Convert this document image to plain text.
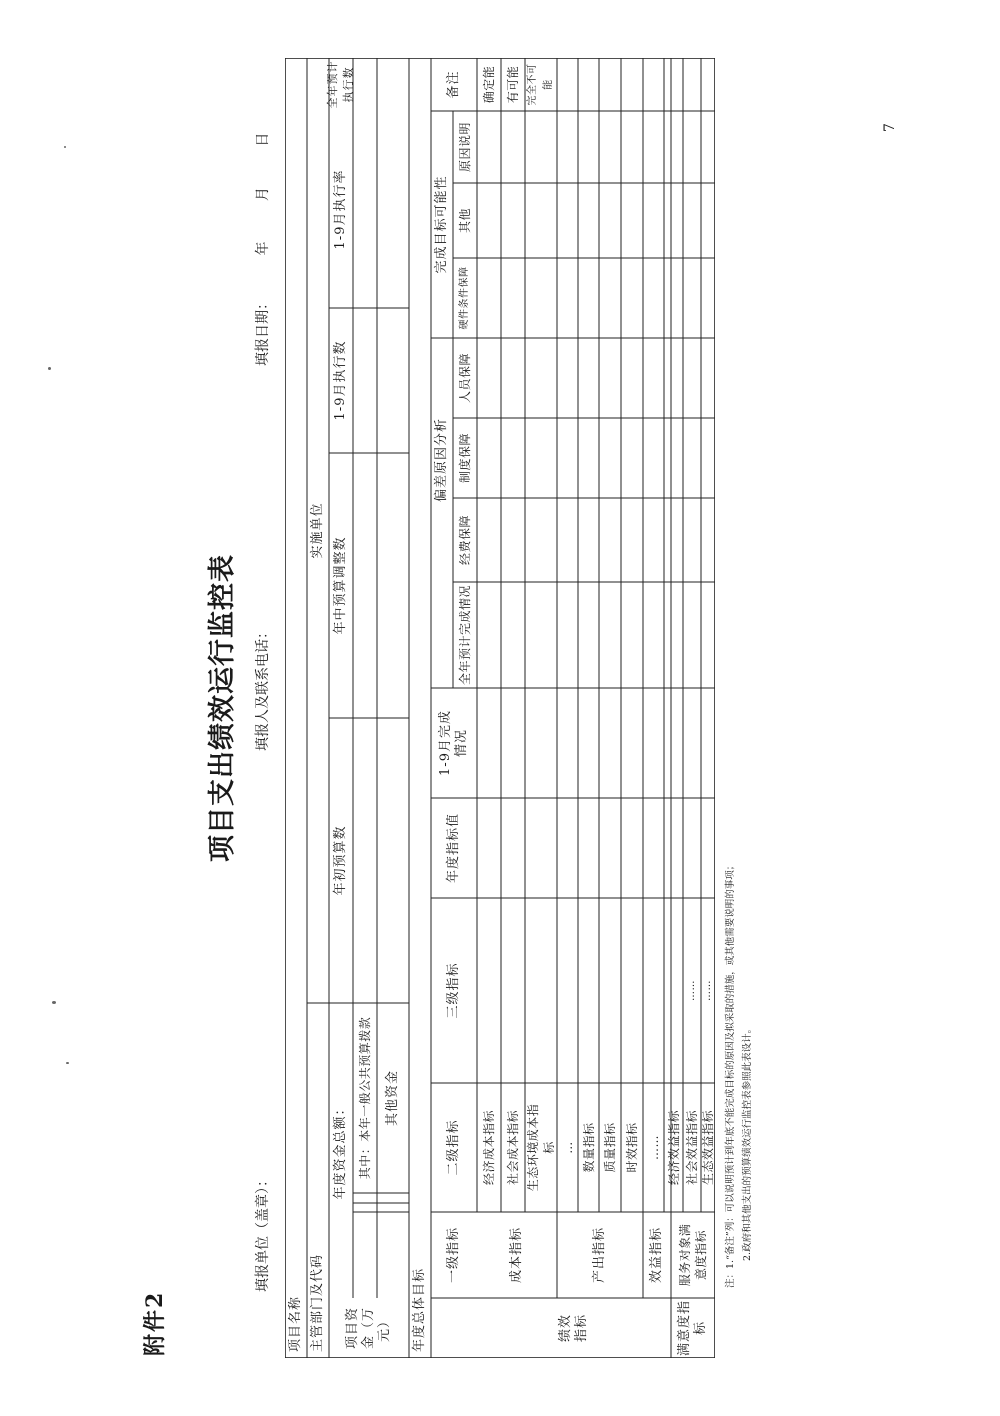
附件2
项目支出绩效运行监控表
填报单位（盖章）：
填报人及联系电话：
填报日期： 年 月 日
项目名称 主管部门及代码
实施单位
项目资金（万元）
年度资金总额： 其中：本年一般公共预算拨款	其他资金
年初预算数
年中预算调整数
1-9月执行数
1-9月执行率
全年预计执行数
年度总体目标
一级指标
二级指标
三级指标
年度指标值
1-9月完成情况
偏差原因分析
完成目标可能性
备注
全年预计完成情况
经费保障
制度保障
人员保障
硬件条件保障
其他
原因说明
确定能 有可能 完全不可能
绩效指标
成本指标
经济成本指标 社会成本指标 生态环境成本指标
产出指标
… 数量指标 质量指标 时效指标
效益指标
…… 经济效益指标 社会效益指标 生态效益指标
满意度指标
服务对象满意度指标
……
……	注：1.“备注”列：可以说明预计到年底不能完成目标的原因及拟采取的措施，或其他需要说明的事项； 2.政府和其他支出的预算绩效运行监控表参照此表设计。
7
